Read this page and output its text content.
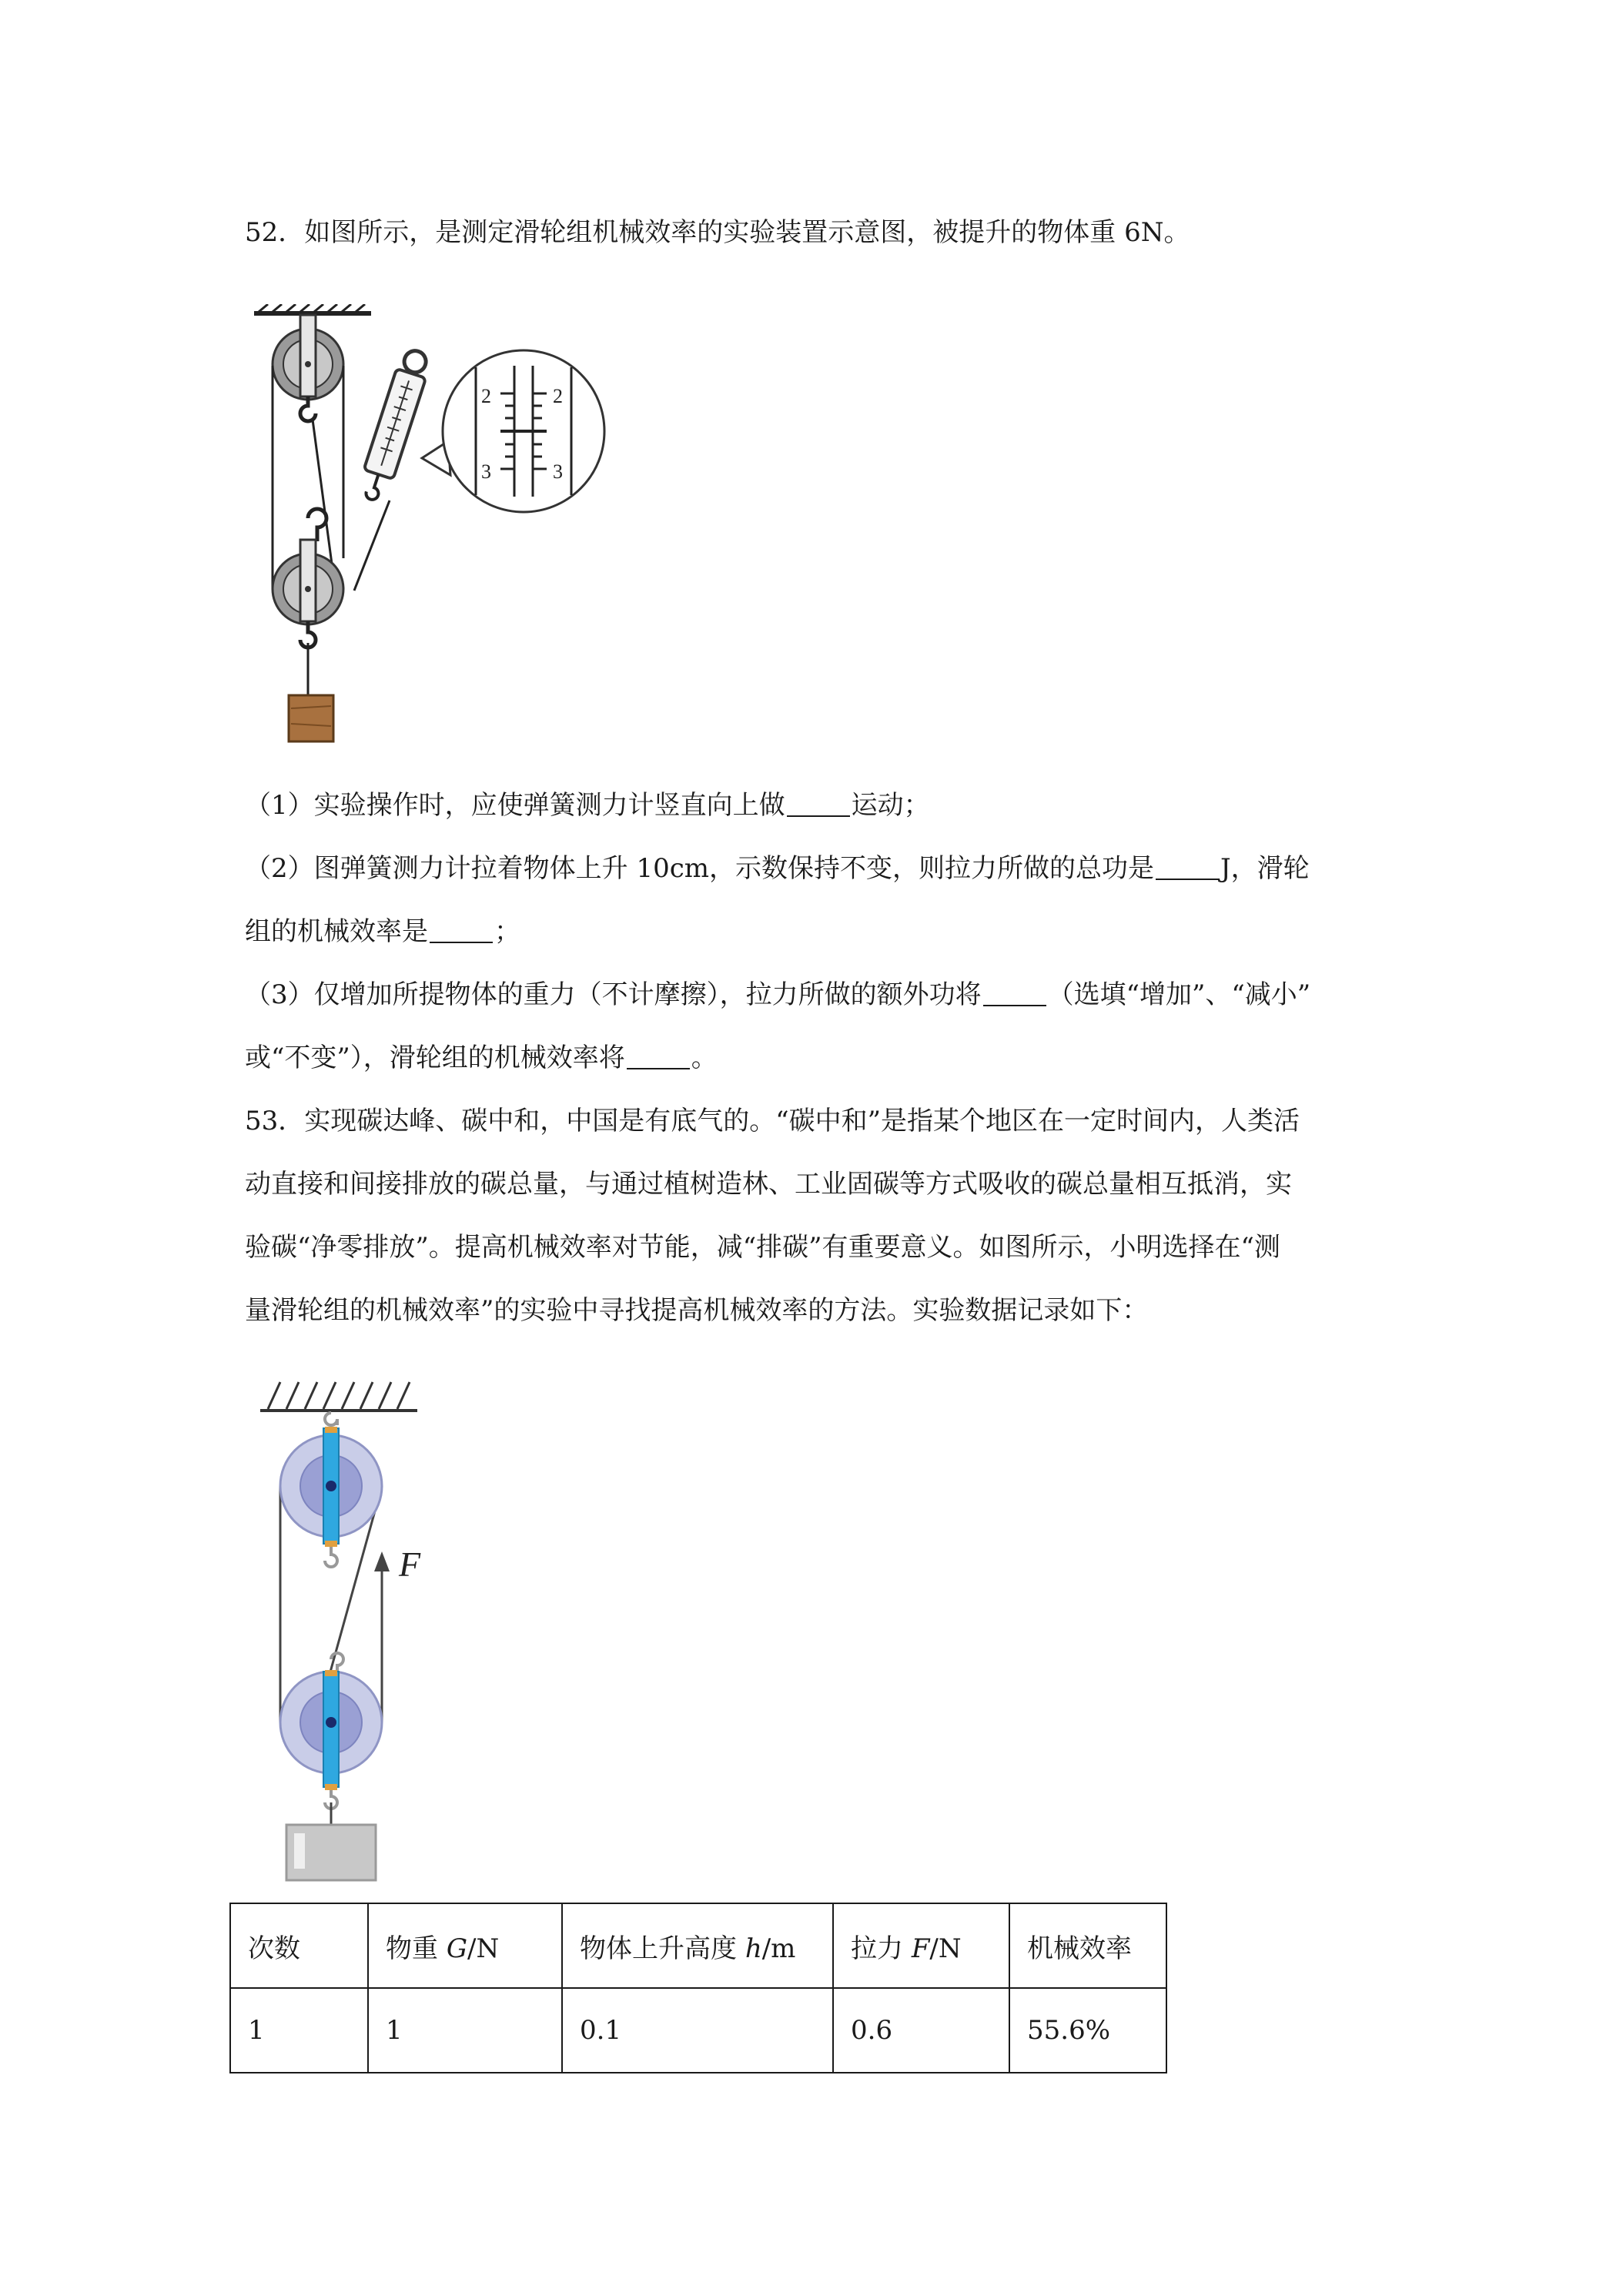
52．如图所示，是测定滑轮组机械效率的实验装置示意图，被提升的物体重 6N。
2
3
2
3
（1）实验操作时，应使弹簧测力计竖直向上做	运动；
（2）图弹簧测力计拉着物体上升 10cm，示数保持不变，则拉力所做的总功是	J，滑轮
组的机械效率是	；
（3）仅增加所提物体的重力（不计摩擦），拉力所做的额外功将	（选填“增加”、“减小”
或“不变”），滑轮组的机械效率将	。
53．实现碳达峰、碳中和，中国是有底气的。“碳中和”是指某个地区在一定时间内，人类活
动直接和间接排放的碳总量，与通过植树造林、工业固碳等方式吸收的碳总量相互抵消，实
验碳“净零排放”。提高机械效率对节能，减“排碳”有重要意义。如图所示，小明选择在“测
量滑轮组的机械效率”的实验中寻找提高机械效率的方法。实验数据记录如下：
F
次数	物重 G/N	物体上升高度 h/m	拉力 F/N	机械效率
1	1	0.1	0.6	55.6%
